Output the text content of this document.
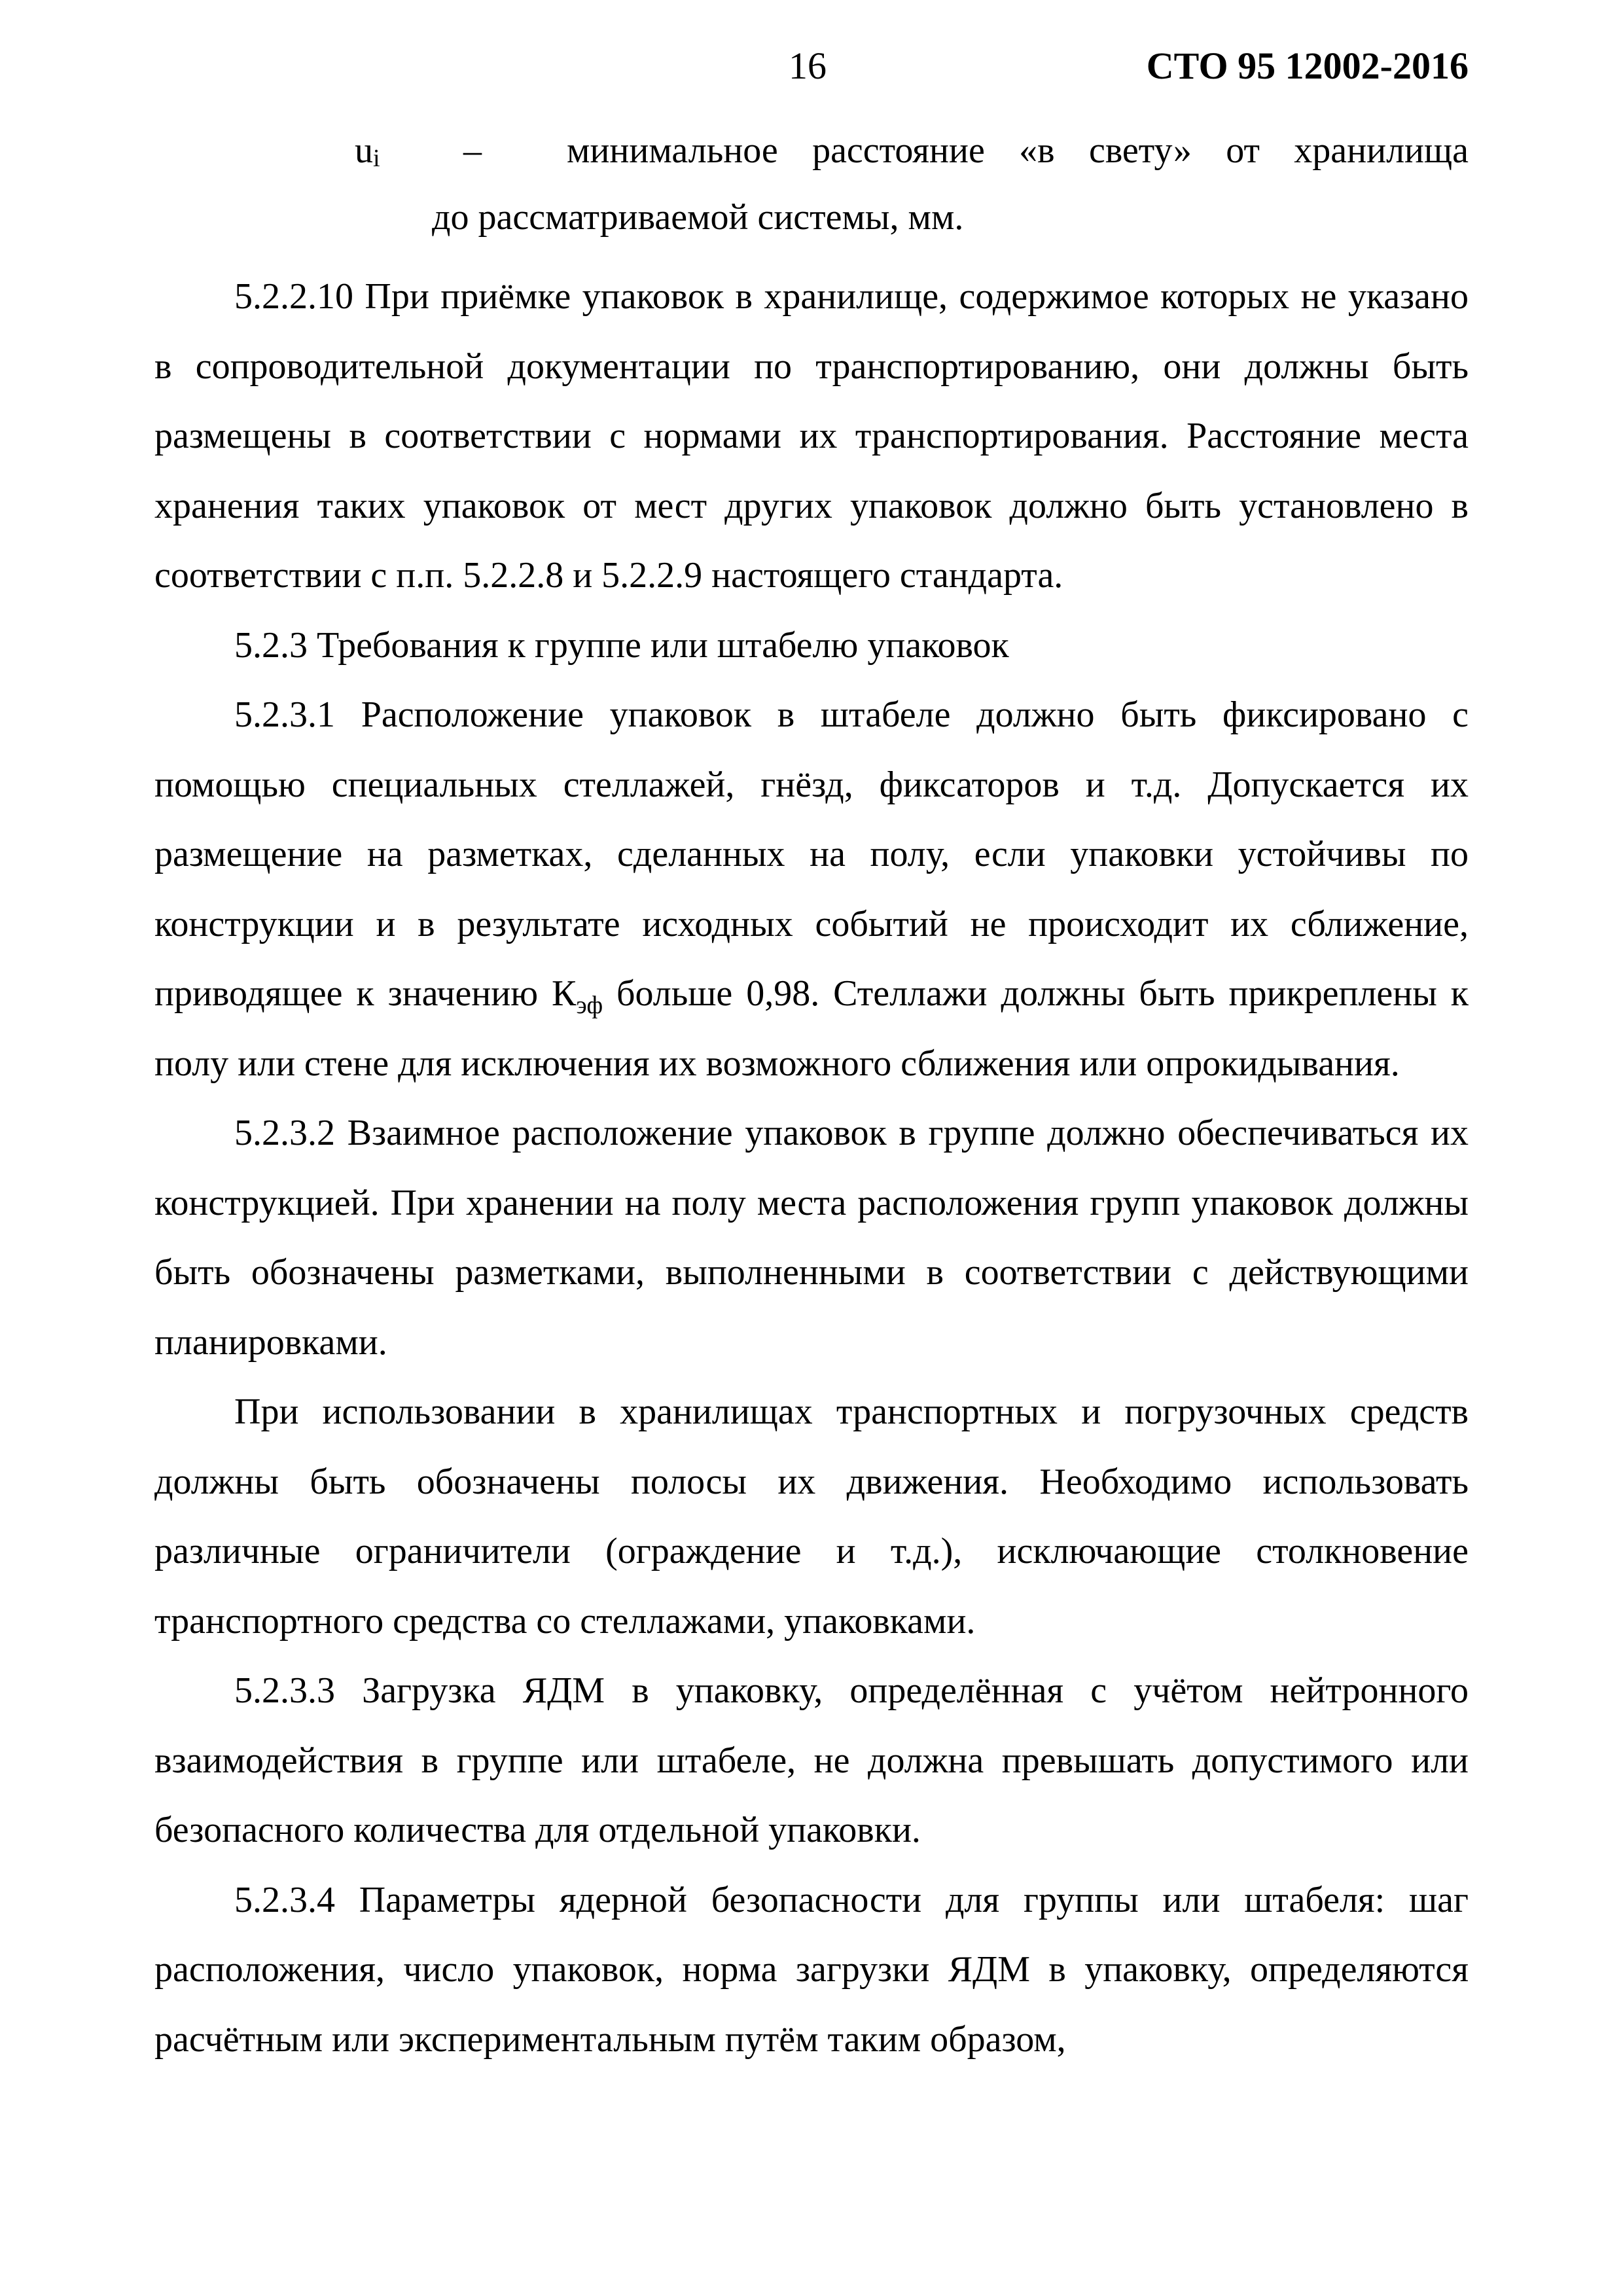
16	СТО 95 12002-2016
$u_i$ – минимальное расстояние «в свету» от хранилища
до рассматриваемой системы, мм.

5.2.2.10 При приёмке упаковок в хранилище, содержимое которых не указано в сопроводительной документации по транспортированию, они должны быть размещены в соответствии с нормами их транспортирования. Расстояние места хранения таких упаковок от мест других упаковок должно быть установлено в соответствии с п.п. 5.2.2.8 и 5.2.2.9 настоящего стандарта.

5.2.3 Требования к группе или штабелю упаковок

5.2.3.1 Расположение упаковок в штабеле должно быть фиксировано с помощью специальных стеллажей, гнёзд, фиксаторов и т.д. Допускается их размещение на разметках, сделанных на полу, если упаковки устойчивы по конструкции и в результате исходных событий не происходит их сближение, приводящее к значению $К_{эф}$ больше 0,98. Стеллажи должны быть прикреплены к полу или стене для исключения их возможного сближения или опрокидывания.

5.2.3.2 Взаимное расположение упаковок в группе должно обеспечиваться их конструкцией. При хранении на полу места расположения групп упаковок должны быть обозначены разметками, выполненными в соответствии с действующими планировками.

При использовании в хранилищах транспортных и погрузочных средств должны быть обозначены полосы их движения. Необходимо использовать различные ограничители (ограждение и т.д.), исключающие столкновение транспортного средства со стеллажами, упаковками.

5.2.3.3 Загрузка ЯДМ в упаковку, определённая с учётом нейтронного взаимодействия в группе или штабеле, не должна превышать допустимого или безопасного количества для отдельной упаковки.

5.2.3.4 Параметры ядерной безопасности для группы или штабеля: шаг расположения, число упаковок, норма загрузки ЯДМ в упаковку, определяются расчётным или экспериментальным путём таким образом,
